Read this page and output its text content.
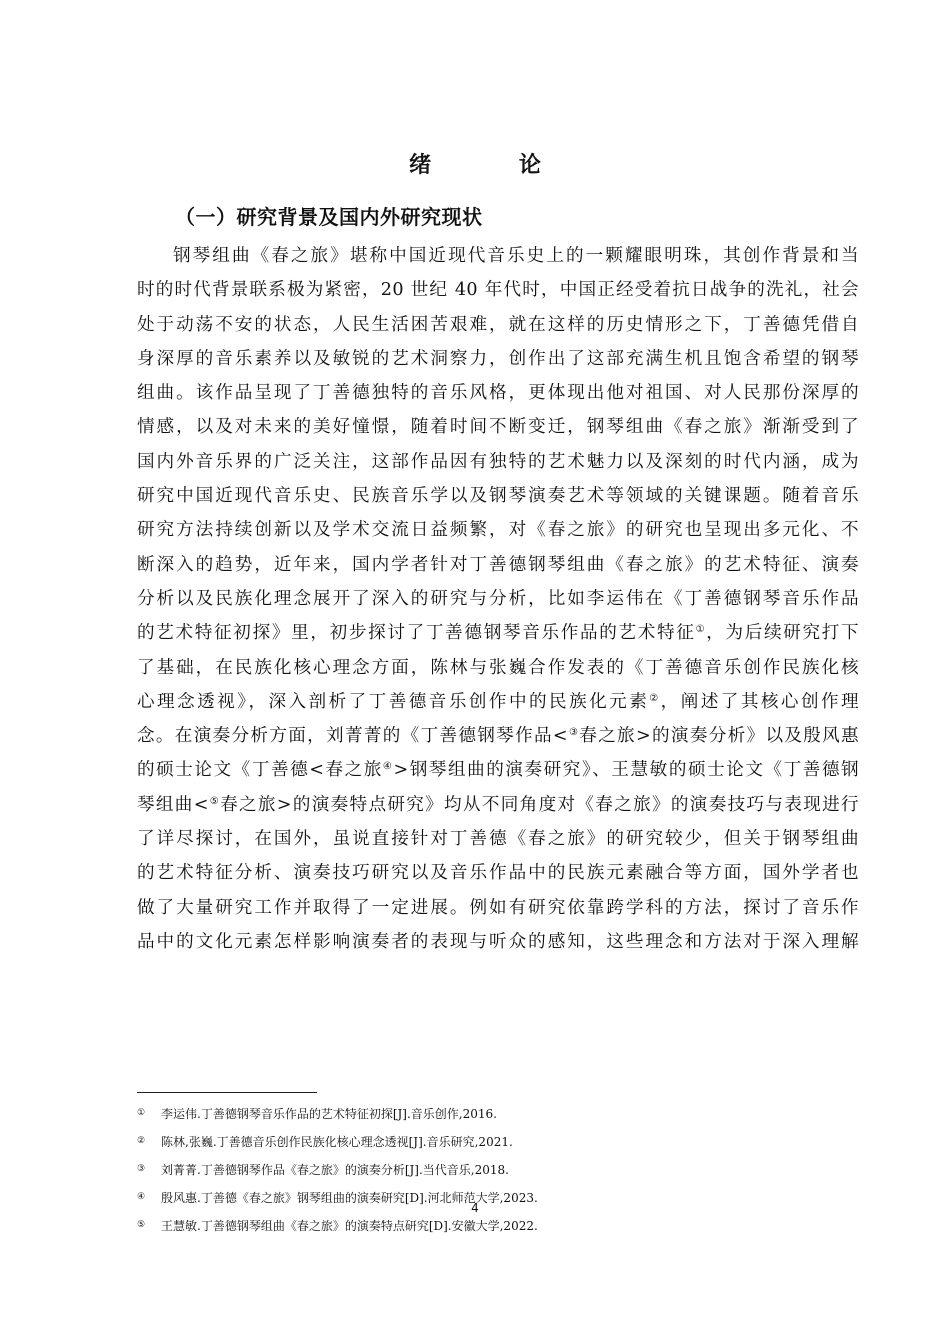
绪 论
（一）研究背景及国内外研究现状
钢琴组曲《春之旅》堪称中国近现代音乐史上的一颗耀眼明珠，其创作背景和当
时的时代背景联系极为紧密，20 世纪 40 年代时，中国正经受着抗日战争的洗礼，社会
处于动荡不安的状态，人民生活困苦艰难，就在这样的历史情形之下，丁善德凭借自
身深厚的音乐素养以及敏锐的艺术洞察力，创作出了这部充满生机且饱含希望的钢琴
组曲。该作品呈现了丁善德独特的音乐风格，更体现出他对祖国、对人民那份深厚的
情感，以及对未来的美好憧憬，随着时间不断变迁，钢琴组曲《春之旅》渐渐受到了
国内外音乐界的广泛关注，这部作品因有独特的艺术魅力以及深刻的时代内涵，成为
研究中国近现代音乐史、民族音乐学以及钢琴演奏艺术等领域的关键课题。随着音乐
研究方法持续创新以及学术交流日益频繁，对《春之旅》的研究也呈现出多元化、不
断深入的趋势，近年来，国内学者针对丁善德钢琴组曲《春之旅》的艺术特征、演奏
分析以及民族化理念展开了深入的研究与分析，比如李运伟在《丁善德钢琴音乐作品
的艺术特征初探》里，初步探讨了丁善德钢琴音乐作品的艺术特征①，为后续研究打下
了基础，在民族化核心理念方面，陈林与张巍合作发表的《丁善德音乐创作民族化核
心理念透视》，深入剖析了丁善德音乐创作中的民族化元素②，阐述了其核心创作理
念。在演奏分析方面，刘菁菁的《丁善德钢琴作品<③春之旅>的演奏分析》以及殷风惠
的硕士论文《丁善德<春之旅④>钢琴组曲的演奏研究》、王慧敏的硕士论文《丁善德钢
琴组曲<⑤春之旅>的演奏特点研究》均从不同角度对《春之旅》的演奏技巧与表现进行
了详尽探讨，在国外，虽说直接针对丁善德《春之旅》的研究较少，但关于钢琴组曲
的艺术特征分析、演奏技巧研究以及音乐作品中的民族元素融合等方面，国外学者也
做了大量研究工作并取得了一定进展。例如有研究依靠跨学科的方法，探讨了音乐作
品中的文化元素怎样影响演奏者的表现与听众的感知，这些理念和方法对于深入理解
① 李运伟.丁善德钢琴音乐作品的艺术特征初探[J].音乐创作,2016.
② 陈林,张巍.丁善德音乐创作民族化核心理念透视[J].音乐研究,2021.
③ 刘菁菁.丁善德钢琴作品《春之旅》的演奏分析[J].当代音乐,2018.
④ 殷风惠.丁善德《春之旅》钢琴组曲的演奏研究[D].河北师范大学,2023.
⑤ 王慧敏.丁善德钢琴组曲《春之旅》的演奏特点研究[D].安徽大学,2022.
4
